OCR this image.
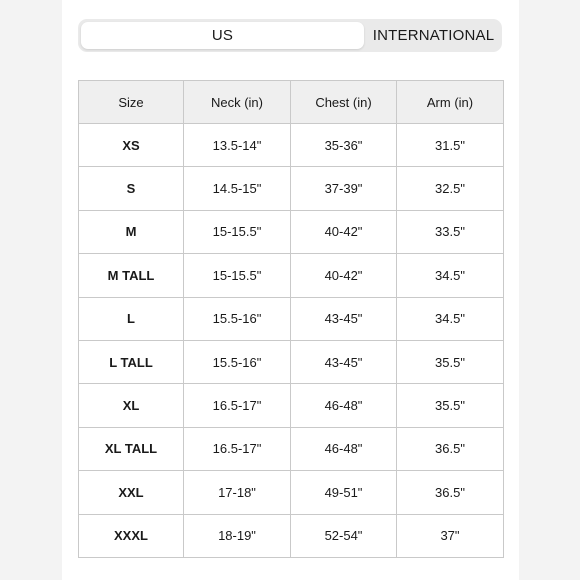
US	INTERNATIONAL
Size	Neck (in)	Chest (in)	Arm (in)
XS	13.5-14"	35-36"	31.5"
S	14.5-15"	37-39"	32.5"
M	15-15.5"	40-42"	33.5"
M TALL	15-15.5"	40-42"	34.5"
L	15.5-16"	43-45"	34.5"
L TALL	15.5-16"	43-45"	35.5"
XL	16.5-17"	46-48"	35.5"
XL TALL	16.5-17"	46-48"	36.5"
XXL	17-18"	49-51"	36.5"
XXXL	18-19"	52-54"	37"
